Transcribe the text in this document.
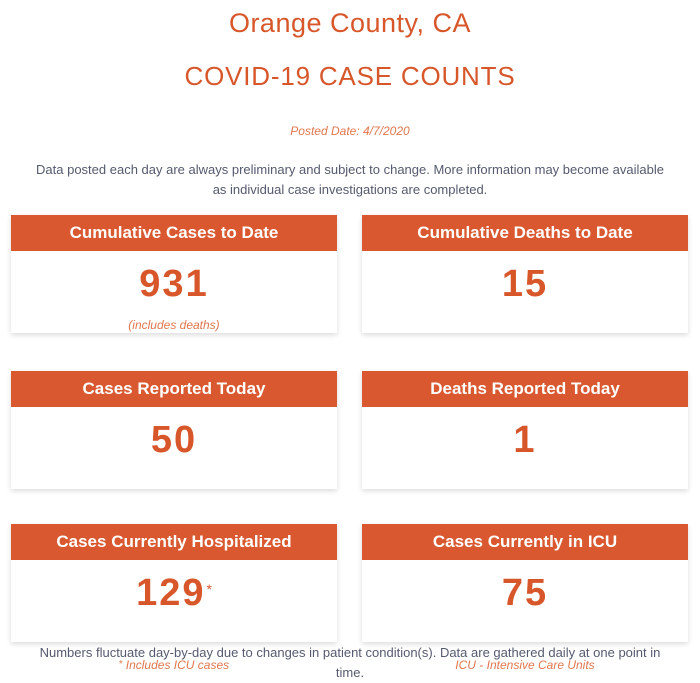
Orange County, CA
COVID-19 CASE COUNTS
Posted Date: 4/7/2020
Data posted each day are always preliminary and subject to change. More information may become available
as individual case investigations are completed.
Cumulative Cases to Date
931
(includes deaths)
Cumulative Deaths to Date
15
Cases Reported Today
50
Deaths Reported Today
1
Cases Currently Hospitalized
129*
* Includes ICU cases
Cases Currently in ICU
75
ICU - Intensive Care Units
Numbers fluctuate day-by-day due to changes in patient condition(s). Data are gathered daily at one point in
time.
